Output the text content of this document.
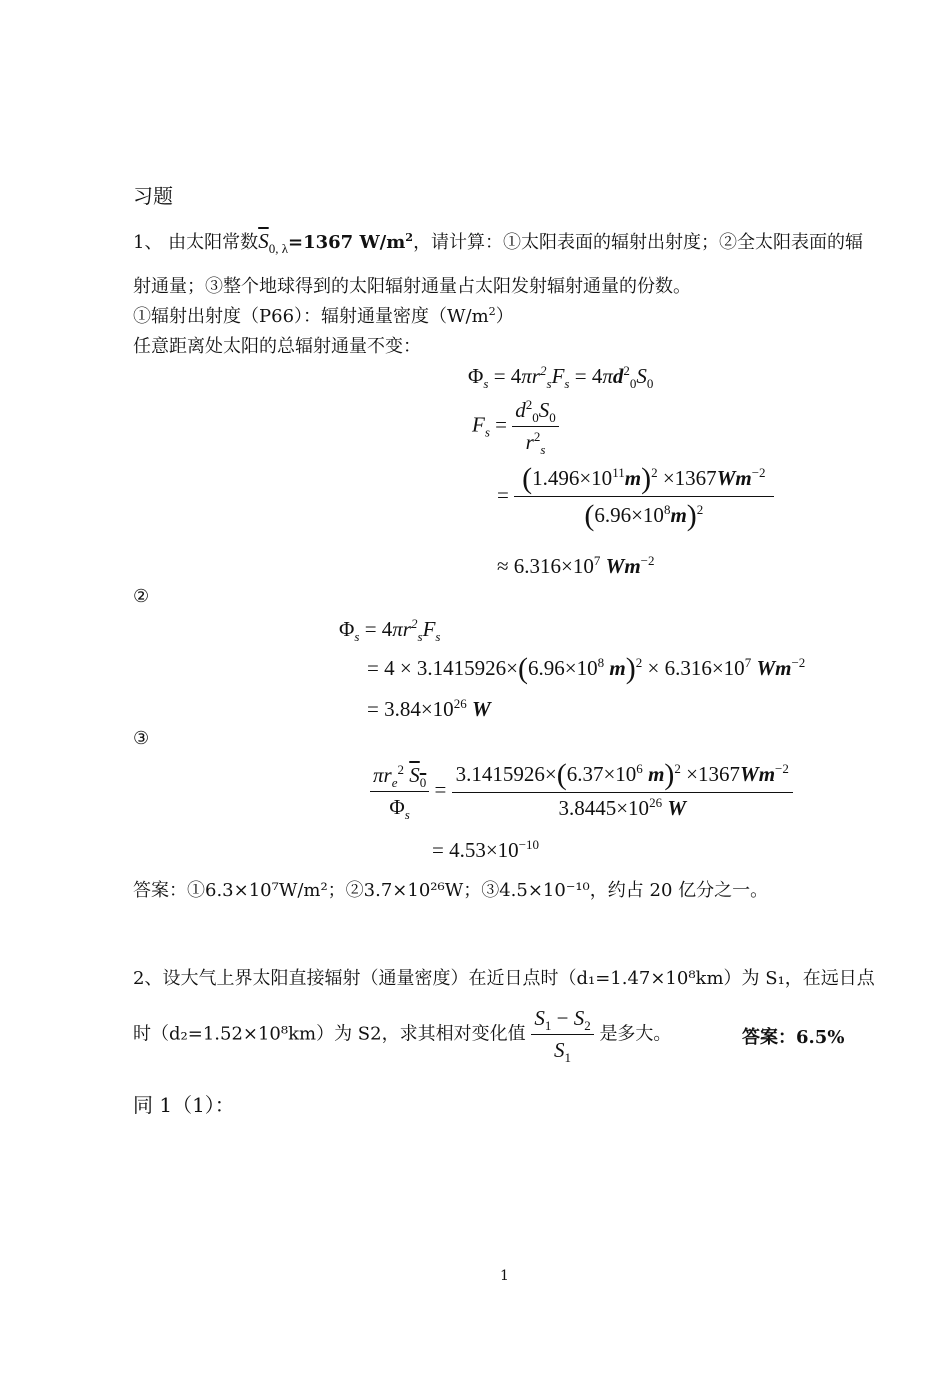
习题
1、 由太阳常数$\overline{S}_{0, \lambda}=1367$ $W/m^2$，请计算：①太阳表面的辐射出射度；②全太阳表面的辐
射通量；③整个地球得到的太阳辐射通量占太阳发射辐射通量的份数。
①辐射出射度（P66）：辐射通量密度$(W/m^2)$
任意距离处太阳的总辐射通量不变：
$\Phi_s = 4\pi r^2_sF_s = 4\pi d^2_0S_0$
$F_s = \frac{d^2_0S_0}{r^2_s}$
= $\frac{(1.496\times 10^{11}m)^2 \times 1367Wm^{-2}}{(6.96\times 10^8m)^2}$
≈ $6.316\times 10^7$ $Wm^{-2}$
②
$\Phi_s = 4\pi r^2_sF_s$
= $4 \times 3.1415926\times(6.96\times 10^8$ $m)^2 \times 6.316\times 10^7$ $Wm^{-2}$
= $3.84\times 10^{26}$ W
③
$\frac{\pi r_e^2 S_0}{\Phi_s} = \frac{3.1415926\times(6.37\times 10^6 m)^2 \times 1367Wm^{-2}}{3.8445\times 10^{26} W}$
= $4.53\times 10^{-10}$
答案：①6.3×10⁷W/m²；②3.7×10²⁶W；③4.5×10⁻¹⁰，约占 20 亿分之一。
2、设大气上界太阳直接辐射（通量密度）在近日点时（d₁=1.47×10⁸km）为 S₁，在远日点
时（d₂=1.52×10⁸km）为 S2，求其相对变化值 $\frac{S_1 - S_2}{S_1}$ 是多大。	答案：6.5%
同 1（1）：
1
